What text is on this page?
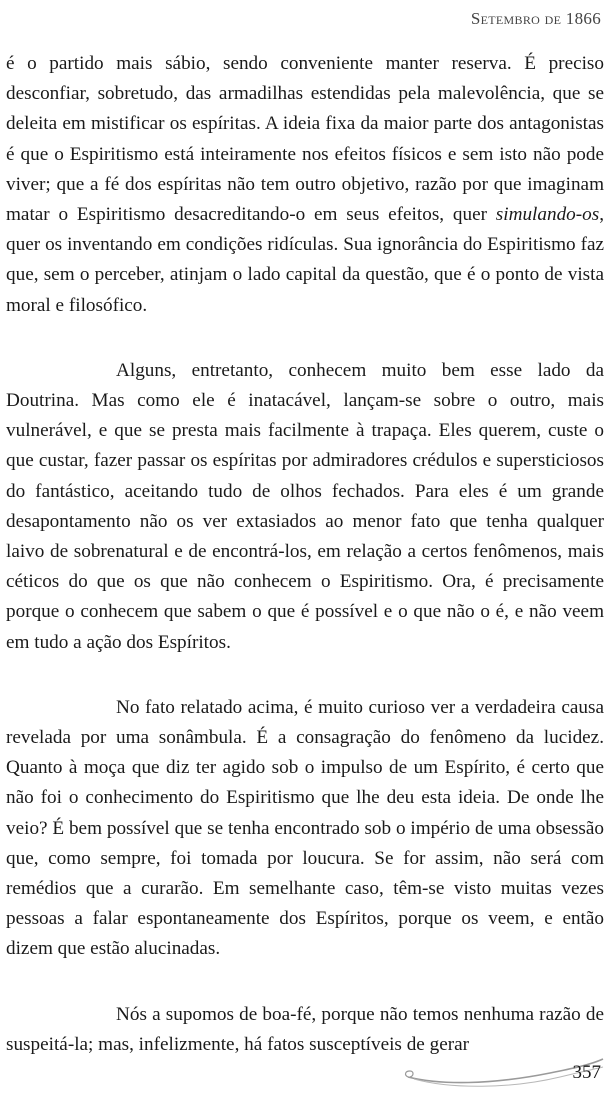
Setembro de 1866

é o partido mais sábio, sendo conveniente manter reserva. É preciso desconfiar, sobretudo, das armadilhas estendidas pela malevolência, que se deleita em mistificar os espíritas. A ideia fixa da maior parte dos antagonistas é que o Espiritismo está inteiramente nos efeitos físicos e sem isto não pode viver; que a fé dos espíritas não tem outro objetivo, razão por que imaginam matar o Espiritismo desacreditando-o em seus efeitos, quer simulando-os, quer os inventando em condições ridículas. Sua ignorância do Espiritismo faz que, sem o perceber, atinjam o lado capital da questão, que é o ponto de vista moral e filosófico.

Alguns, entretanto, conhecem muito bem esse lado da Doutrina. Mas como ele é inatacável, lançam-se sobre o outro, mais vulnerável, e que se presta mais facilmente à trapaça. Eles querem, custe o que custar, fazer passar os espíritas por admiradores crédulos e supersticiosos do fantástico, aceitando tudo de olhos fechados. Para eles é um grande desapontamento não os ver extasiados ao menor fato que tenha qualquer laivo de sobrenatural e de encontrá-los, em relação a certos fenômenos, mais céticos do que os que não conhecem o Espiritismo. Ora, é precisamente porque o conhecem que sabem o que é possível e o que não o é, e não veem em tudo a ação dos Espíritos.

No fato relatado acima, é muito curioso ver a verdadeira causa revelada por uma sonâmbula. É a consagração do fenômeno da lucidez. Quanto à moça que diz ter agido sob o impulso de um Espírito, é certo que não foi o conhecimento do Espiritismo que lhe deu esta ideia. De onde lhe veio? É bem possível que se tenha encontrado sob o império de uma obsessão que, como sempre, foi tomada por loucura. Se for assim, não será com remédios que a curarão. Em semelhante caso, têm-se visto muitas vezes pessoas a falar espontaneamente dos Espíritos, porque os veem, e então dizem que estão alucinadas.

Nós a supomos de boa-fé, porque não temos nenhuma razão de suspeitá-la; mas, infelizmente, há fatos susceptíveis de gerar

357
